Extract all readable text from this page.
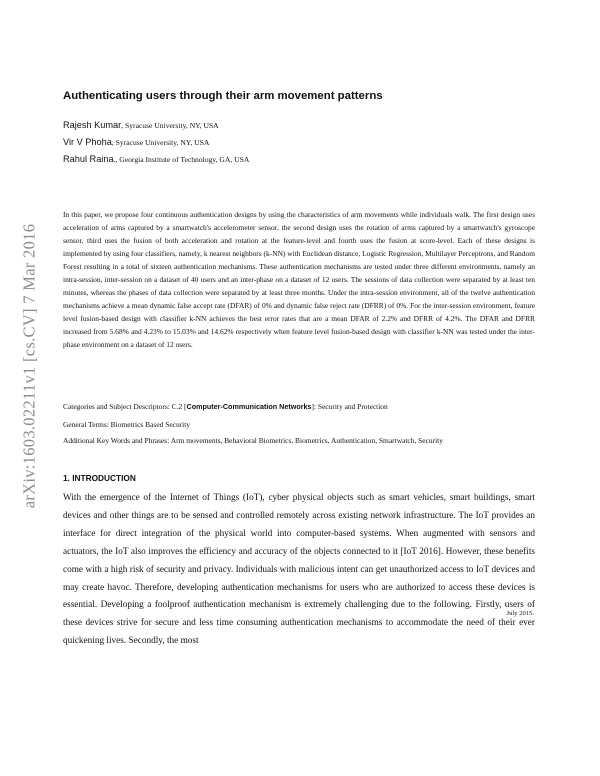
arXiv:1603.02211v1 [cs.CV] 7 Mar 2016
Authenticating users through their arm movement patterns
Rajesh Kumar, Syracuse University, NY, USA
Vir V Phoha, Syracuse University, NY, USA
Rahul Raina., Georgia Institute of Technology, GA, USA
In this paper, we propose four continuous authentication designs by using the characteristics of arm movements while individuals walk. The first design uses acceleration of arms captured by a smartwatch's accelerometer sensor, the second design uses the rotation of arms captured by a smartwatch's gyroscope sensor, third uses the fusion of both acceleration and rotation at the feature-level and fourth uses the fusion at score-level. Each of these designs is implemented by using four classifiers, namely, k nearest neighbors (k-NN) with Euclidean distance, Logistic Regression, Multilayer Perceptrons, and Random Forest resulting in a total of sixteen authentication mechanisms. These authentication mechanisms are tested under three different environments, namely an intra-session, inter-session on a dataset of 40 users and an inter-phase on a dataset of 12 users. The sessions of data collection were separated by at least ten minutes, whereas the phases of data collection were separated by at least three months. Under the intra-session environment, all of the twelve authentication mechanisms achieve a mean dynamic false accept rate (DFAR) of 0% and dynamic false reject rate (DFRR) of 0%. For the inter-session environment, feature level fusion-based design with classifier k-NN achieves the best error rates that are a mean DFAR of 2.2% and DFRR of 4.2%. The DFAR and DFRR increased from 5.68% and 4.23% to 15.03% and 14.62% respectively when feature level fusion-based design with classifier k-NN was tested under the inter-phase environment on a dataset of 12 users.
Categories and Subject Descriptors: C.2 [Computer-Communication Networks]: Security and Protection
General Terms: Biometrics Based Security
Additional Key Words and Phrases: Arm movements, Behavioral Biometrics, Biometrics, Authentication, Smartwatch, Security
1. INTRODUCTION
With the emergence of the Internet of Things (IoT), cyber physical objects such as smart vehicles, smart buildings, smart devices and other things are to be sensed and controlled remotely across existing network infrastructure. The IoT provides an interface for direct integration of the physical world into computer-based systems. When augmented with sensors and actuators, the IoT also improves the efficiency and accuracy of the objects connected to it [IoT 2016]. However, these benefits come with a high risk of security and privacy. Individuals with malicious intent can get unauthorized access to IoT devices and may create havoc. Therefore, developing authentication mechanisms for users who are authorized to access these devices is essential. Developing a foolproof authentication mechanism is extremely challenging due to the following. Firstly, users of these devices strive for secure and less time consuming authentication mechanisms to accommodate the need of their ever quickening lives. Secondly, the most
July 2015.
